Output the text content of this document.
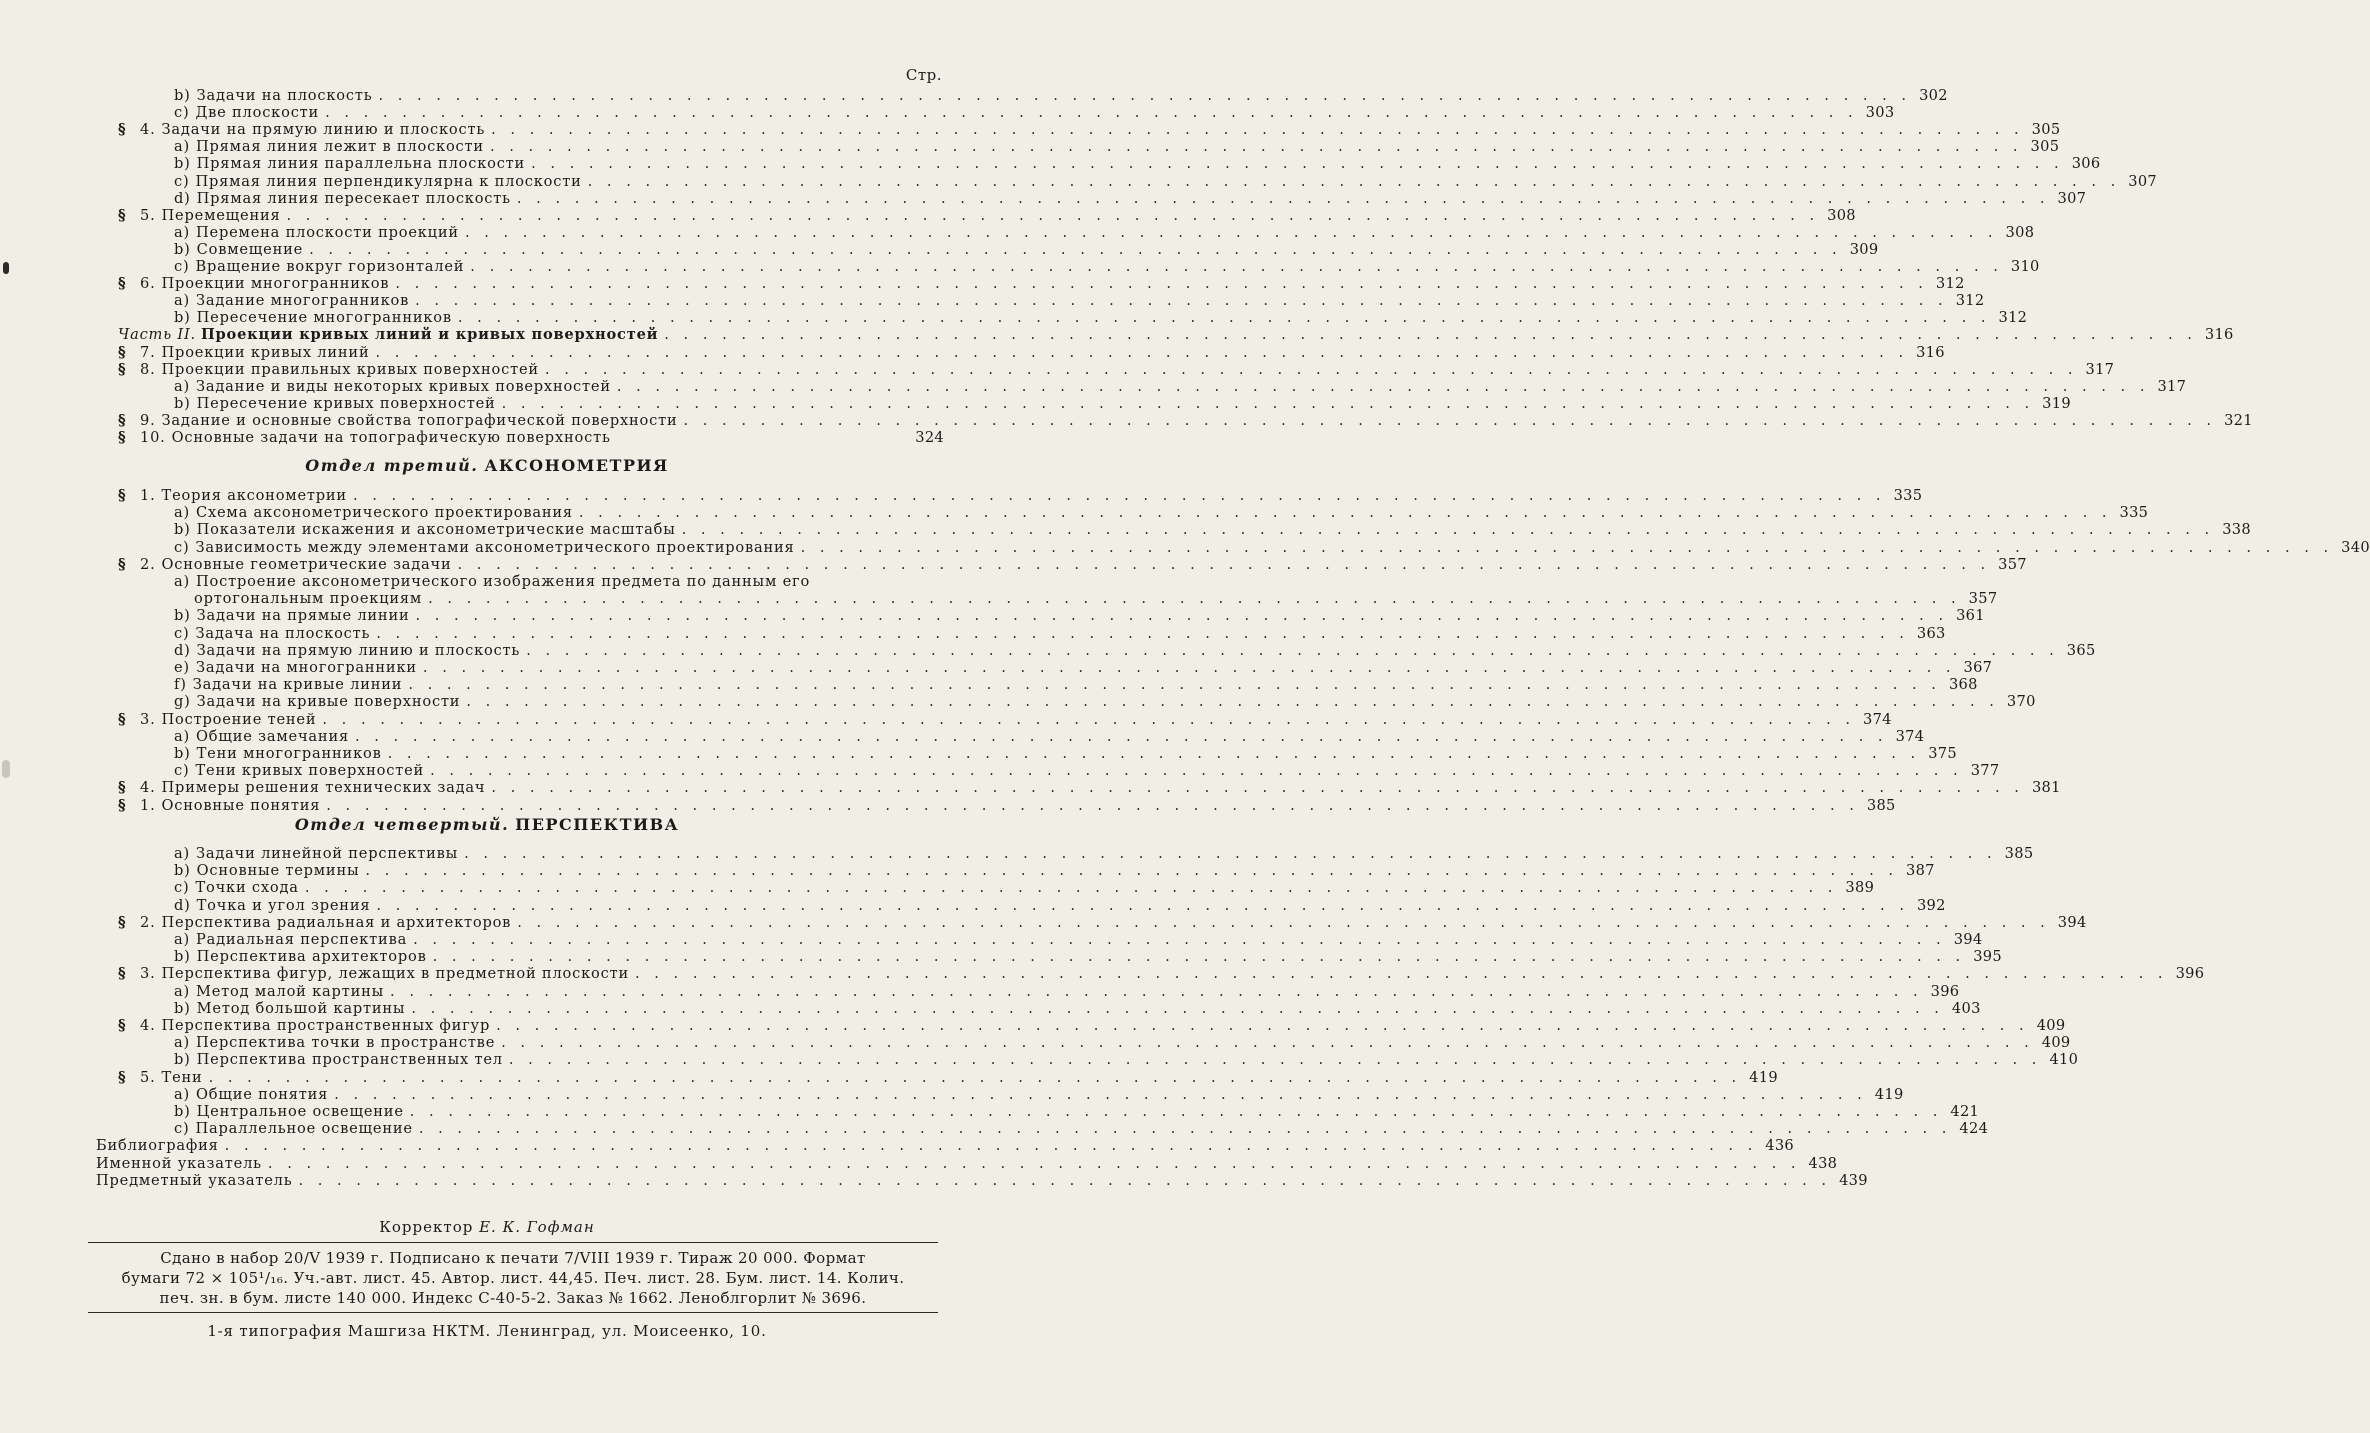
Стр.
b) Задачи на плоскость . . . . . . . . . . . . . . . . . . . . . . . . . . . . . . . . . . . . . . . . . . . . . . . . . . . . . . . . . . . . . . . . . . . . . . . . . . . . . . . . 302
c) Две плоскости . . . . . . . . . . . . . . . . . . . . . . . . . . . . . . . . . . . . . . . . . . . . . . . . . . . . . . . . . . . . . . . . . . . . . . . . . . . . . . . . 303
§ 4. Задачи на прямую линию и плоскость . . . . . . . . . . . . . . . . . . . . . . . . . . . . . . . . . . . . . . . . . . . . . . . . . . . . . . . . . . . . . . . . . . . . . . . . . . . . . . . . 305
a) Прямая линия лежит в плоскости . . . . . . . . . . . . . . . . . . . . . . . . . . . . . . . . . . . . . . . . . . . . . . . . . . . . . . . . . . . . . . . . . . . . . . . . . . . . . . . . 305
b) Прямая линия параллельна плоскости . . . . . . . . . . . . . . . . . . . . . . . . . . . . . . . . . . . . . . . . . . . . . . . . . . . . . . . . . . . . . . . . . . . . . . . . . . . . . . . . 306
c) Прямая линия перпендикулярна к плоскости . . . . . . . . . . . . . . . . . . . . . . . . . . . . . . . . . . . . . . . . . . . . . . . . . . . . . . . . . . . . . . . . . . . . . . . . . . . . . . . . 307
d) Прямая линия пересекает плоскость . . . . . . . . . . . . . . . . . . . . . . . . . . . . . . . . . . . . . . . . . . . . . . . . . . . . . . . . . . . . . . . . . . . . . . . . . . . . . . . . 307
§ 5. Перемещения . . . . . . . . . . . . . . . . . . . . . . . . . . . . . . . . . . . . . . . . . . . . . . . . . . . . . . . . . . . . . . . . . . . . . . . . . . . . . . . . 308
a) Перемена плоскости проекций . . . . . . . . . . . . . . . . . . . . . . . . . . . . . . . . . . . . . . . . . . . . . . . . . . . . . . . . . . . . . . . . . . . . . . . . . . . . . . . . 308
b) Совмещение . . . . . . . . . . . . . . . . . . . . . . . . . . . . . . . . . . . . . . . . . . . . . . . . . . . . . . . . . . . . . . . . . . . . . . . . . . . . . . . . 309
c) Вращение вокруг горизонталей . . . . . . . . . . . . . . . . . . . . . . . . . . . . . . . . . . . . . . . . . . . . . . . . . . . . . . . . . . . . . . . . . . . . . . . . . . . . . . . . 310
§ 6. Проекции многогранников . . . . . . . . . . . . . . . . . . . . . . . . . . . . . . . . . . . . . . . . . . . . . . . . . . . . . . . . . . . . . . . . . . . . . . . . . . . . . . . . 312
a) Задание многогранников . . . . . . . . . . . . . . . . . . . . . . . . . . . . . . . . . . . . . . . . . . . . . . . . . . . . . . . . . . . . . . . . . . . . . . . . . . . . . . . . 312
b) Пересечение многогранников . . . . . . . . . . . . . . . . . . . . . . . . . . . . . . . . . . . . . . . . . . . . . . . . . . . . . . . . . . . . . . . . . . . . . . . . . . . . . . . . 312
Часть II. Проекции кривых линий и кривых поверхностей . . . . . . . . . . . . . . . . . . . . . . . . . . . . . . . . . . . . . . . . . . . . . . . . . . . . . . . . . . . . . . . . . . . . . . . . . . . . . . . . 316
§ 7. Проекции кривых линий . . . . . . . . . . . . . . . . . . . . . . . . . . . . . . . . . . . . . . . . . . . . . . . . . . . . . . . . . . . . . . . . . . . . . . . . . . . . . . . . 316
§ 8. Проекции правильных кривых поверхностей . . . . . . . . . . . . . . . . . . . . . . . . . . . . . . . . . . . . . . . . . . . . . . . . . . . . . . . . . . . . . . . . . . . . . . . . . . . . . . . . 317
a) Задание и виды некоторых кривых поверхностей . . . . . . . . . . . . . . . . . . . . . . . . . . . . . . . . . . . . . . . . . . . . . . . . . . . . . . . . . . . . . . . . . . . . . . . . . . . . . . . . 317
b) Пересечение кривых поверхностей . . . . . . . . . . . . . . . . . . . . . . . . . . . . . . . . . . . . . . . . . . . . . . . . . . . . . . . . . . . . . . . . . . . . . . . . . . . . . . . . 319
§ 9. Задание и основные свойства топографической поверхности . . . . . . . . . . . . . . . . . . . . . . . . . . . . . . . . . . . . . . . . . . . . . . . . . . . . . . . . . . . . . . . . . . . . . . . . . . . . . . . . 321
§ 10. Основные задачи на топографическую поверхность	324
§ 1. Теория аксонометрии . . . . . . . . . . . . . . . . . . . . . . . . . . . . . . . . . . . . . . . . . . . . . . . . . . . . . . . . . . . . . . . . . . . . . . . . . . . . . . . . 335
a) Схема аксонометрического проектирования . . . . . . . . . . . . . . . . . . . . . . . . . . . . . . . . . . . . . . . . . . . . . . . . . . . . . . . . . . . . . . . . . . . . . . . . . . . . . . . . 335
b) Показатели искажения и аксонометрические масштабы . . . . . . . . . . . . . . . . . . . . . . . . . . . . . . . . . . . . . . . . . . . . . . . . . . . . . . . . . . . . . . . . . . . . . . . . . . . . . . . . 338
c) Зависимость между элементами аксонометрического проектирования . . . . . . . . . . . . . . . . . . . . . . . . . . . . . . . . . . . . . . . . . . . . . . . . . . . . . . . . . . . . . . . . . . . . . . . . . . . . . . . . 340
§ 2. Основные геометрические задачи . . . . . . . . . . . . . . . . . . . . . . . . . . . . . . . . . . . . . . . . . . . . . . . . . . . . . . . . . . . . . . . . . . . . . . . . . . . . . . . . 357
a) Построение аксонометрического изображения предмета по данным его
ортогональным проекциям . . . . . . . . . . . . . . . . . . . . . . . . . . . . . . . . . . . . . . . . . . . . . . . . . . . . . . . . . . . . . . . . . . . . . . . . . . . . . . . . 357
b) Задачи на прямые линии . . . . . . . . . . . . . . . . . . . . . . . . . . . . . . . . . . . . . . . . . . . . . . . . . . . . . . . . . . . . . . . . . . . . . . . . . . . . . . . . 361
c) Задача на плоскость . . . . . . . . . . . . . . . . . . . . . . . . . . . . . . . . . . . . . . . . . . . . . . . . . . . . . . . . . . . . . . . . . . . . . . . . . . . . . . . . 363
d) Задачи на прямую линию и плоскость . . . . . . . . . . . . . . . . . . . . . . . . . . . . . . . . . . . . . . . . . . . . . . . . . . . . . . . . . . . . . . . . . . . . . . . . . . . . . . . . 365
e) Задачи на многогранники . . . . . . . . . . . . . . . . . . . . . . . . . . . . . . . . . . . . . . . . . . . . . . . . . . . . . . . . . . . . . . . . . . . . . . . . . . . . . . . . 367
f) Задачи на кривые линии . . . . . . . . . . . . . . . . . . . . . . . . . . . . . . . . . . . . . . . . . . . . . . . . . . . . . . . . . . . . . . . . . . . . . . . . . . . . . . . . 368
g) Задачи на кривые поверхности . . . . . . . . . . . . . . . . . . . . . . . . . . . . . . . . . . . . . . . . . . . . . . . . . . . . . . . . . . . . . . . . . . . . . . . . . . . . . . . . 370
§ 3. Построение теней . . . . . . . . . . . . . . . . . . . . . . . . . . . . . . . . . . . . . . . . . . . . . . . . . . . . . . . . . . . . . . . . . . . . . . . . . . . . . . . . 374
a) Общие замечания . . . . . . . . . . . . . . . . . . . . . . . . . . . . . . . . . . . . . . . . . . . . . . . . . . . . . . . . . . . . . . . . . . . . . . . . . . . . . . . . 374
b) Тени многогранников . . . . . . . . . . . . . . . . . . . . . . . . . . . . . . . . . . . . . . . . . . . . . . . . . . . . . . . . . . . . . . . . . . . . . . . . . . . . . . . . 375
c) Тени кривых поверхностей . . . . . . . . . . . . . . . . . . . . . . . . . . . . . . . . . . . . . . . . . . . . . . . . . . . . . . . . . . . . . . . . . . . . . . . . . . . . . . . . 377
§ 4. Примеры решения технических задач . . . . . . . . . . . . . . . . . . . . . . . . . . . . . . . . . . . . . . . . . . . . . . . . . . . . . . . . . . . . . . . . . . . . . . . . . . . . . . . . 381
§ 1. Основные понятия . . . . . . . . . . . . . . . . . . . . . . . . . . . . . . . . . . . . . . . . . . . . . . . . . . . . . . . . . . . . . . . . . . . . . . . . . . . . . . . . 385
a) Задачи линейной перспективы . . . . . . . . . . . . . . . . . . . . . . . . . . . . . . . . . . . . . . . . . . . . . . . . . . . . . . . . . . . . . . . . . . . . . . . . . . . . . . . . 385
b) Основные термины . . . . . . . . . . . . . . . . . . . . . . . . . . . . . . . . . . . . . . . . . . . . . . . . . . . . . . . . . . . . . . . . . . . . . . . . . . . . . . . . 387
c) Точки схода . . . . . . . . . . . . . . . . . . . . . . . . . . . . . . . . . . . . . . . . . . . . . . . . . . . . . . . . . . . . . . . . . . . . . . . . . . . . . . . . 389
d) Точка и угол зрения . . . . . . . . . . . . . . . . . . . . . . . . . . . . . . . . . . . . . . . . . . . . . . . . . . . . . . . . . . . . . . . . . . . . . . . . . . . . . . . . 392
§ 2. Перспектива радиальная и архитекторов . . . . . . . . . . . . . . . . . . . . . . . . . . . . . . . . . . . . . . . . . . . . . . . . . . . . . . . . . . . . . . . . . . . . . . . . . . . . . . . . 394
a) Радиальная перспектива . . . . . . . . . . . . . . . . . . . . . . . . . . . . . . . . . . . . . . . . . . . . . . . . . . . . . . . . . . . . . . . . . . . . . . . . . . . . . . . . 394
b) Перспектива архитекторов . . . . . . . . . . . . . . . . . . . . . . . . . . . . . . . . . . . . . . . . . . . . . . . . . . . . . . . . . . . . . . . . . . . . . . . . . . . . . . . . 395
§ 3. Перспектива фигур, лежащих в предметной плоскости . . . . . . . . . . . . . . . . . . . . . . . . . . . . . . . . . . . . . . . . . . . . . . . . . . . . . . . . . . . . . . . . . . . . . . . . . . . . . . . . 396
a) Метод малой картины . . . . . . . . . . . . . . . . . . . . . . . . . . . . . . . . . . . . . . . . . . . . . . . . . . . . . . . . . . . . . . . . . . . . . . . . . . . . . . . . 396
b) Метод большой картины . . . . . . . . . . . . . . . . . . . . . . . . . . . . . . . . . . . . . . . . . . . . . . . . . . . . . . . . . . . . . . . . . . . . . . . . . . . . . . . . 403
§ 4. Перспектива пространственных фигур . . . . . . . . . . . . . . . . . . . . . . . . . . . . . . . . . . . . . . . . . . . . . . . . . . . . . . . . . . . . . . . . . . . . . . . . . . . . . . . . 409
a) Перспектива точки в пространстве . . . . . . . . . . . . . . . . . . . . . . . . . . . . . . . . . . . . . . . . . . . . . . . . . . . . . . . . . . . . . . . . . . . . . . . . . . . . . . . . 409
b) Перспектива пространственных тел . . . . . . . . . . . . . . . . . . . . . . . . . . . . . . . . . . . . . . . . . . . . . . . . . . . . . . . . . . . . . . . . . . . . . . . . . . . . . . . . 410
§ 5. Тени . . . . . . . . . . . . . . . . . . . . . . . . . . . . . . . . . . . . . . . . . . . . . . . . . . . . . . . . . . . . . . . . . . . . . . . . . . . . . . . . 419
a) Общие понятия . . . . . . . . . . . . . . . . . . . . . . . . . . . . . . . . . . . . . . . . . . . . . . . . . . . . . . . . . . . . . . . . . . . . . . . . . . . . . . . . 419
b) Центральное освещение . . . . . . . . . . . . . . . . . . . . . . . . . . . . . . . . . . . . . . . . . . . . . . . . . . . . . . . . . . . . . . . . . . . . . . . . . . . . . . . . 421
c) Параллельное освещение . . . . . . . . . . . . . . . . . . . . . . . . . . . . . . . . . . . . . . . . . . . . . . . . . . . . . . . . . . . . . . . . . . . . . . . . . . . . . . . . 424
Библиография . . . . . . . . . . . . . . . . . . . . . . . . . . . . . . . . . . . . . . . . . . . . . . . . . . . . . . . . . . . . . . . . . . . . . . . . . . . . . . . . 436
Именной указатель . . . . . . . . . . . . . . . . . . . . . . . . . . . . . . . . . . . . . . . . . . . . . . . . . . . . . . . . . . . . . . . . . . . . . . . . . . . . . . . . 438
Предметный указатель . . . . . . . . . . . . . . . . . . . . . . . . . . . . . . . . . . . . . . . . . . . . . . . . . . . . . . . . . . . . . . . . . . . . . . . . . . . . . . . . 439
Отдел третий. АКСОНОМЕТРИЯ
Отдел четвертый. ПЕРСПЕКТИВА
Корректор Е. К. Гофман
Сдано в набор 20/V 1939 г. Подписано к печати 7/VIII 1939 г. Тираж 20 000. Формат
бумаги 72 × 105¹/₁₆. Уч.-авт. лист. 45. Автор. лист. 44,45. Печ. лист. 28. Бум. лист. 14. Колич.
печ. зн. в бум. листе 140 000. Индекс С-40-5-2. Заказ № 1662. Леноблгорлит № 3696.
1-я типография Машгиза НКТМ. Ленинград, ул. Моисеенко, 10.
